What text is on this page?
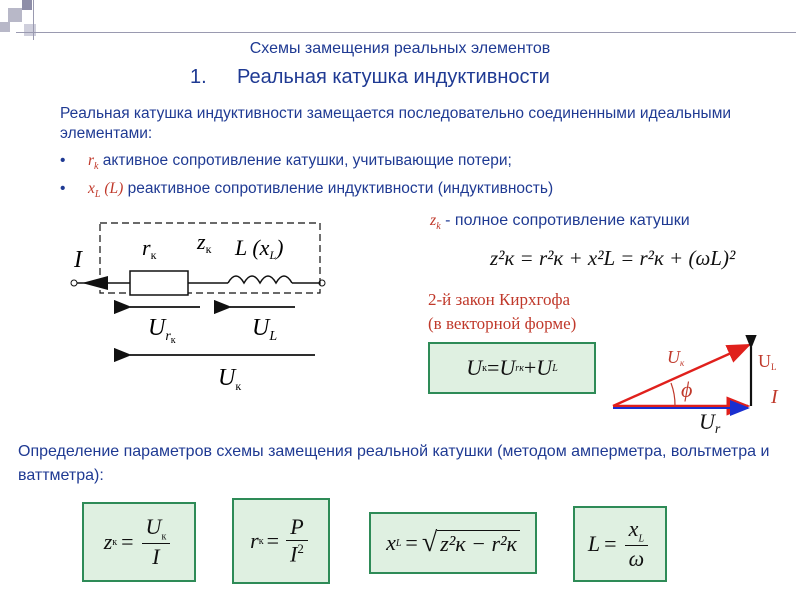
Схемы замещения реальных элементов
1. Реальная катушка индуктивности
Реальная катушка индуктивности замещается последовательно соединенными идеальными элементами:
• $r_k$ активное сопротивление катушки, учитывающие потери;
• $x_L$ (L) реактивное сопротивление индуктивности (индуктивность)
I	rк
zк L (xL)
$U_rк$	$U_L$
$U_к$
$z_k$ - полное сопротивление катушки
z²к = r²к + x²L = r²к + (ωL)²
2-й закон Кирхгофа
(в векторной форме)
U к = U rк + U L
Uк	UL
ϕ	I
Ur
Определение параметров схемы замещения реальной катушки (методом амперметра, вольтметра и ваттметра):
z $к = \frac{U_к}{I}$	r $к = \frac{P}{I^2}$	x L = √ z²к − r²к	$L = \frac{x_L}{\omega}$
